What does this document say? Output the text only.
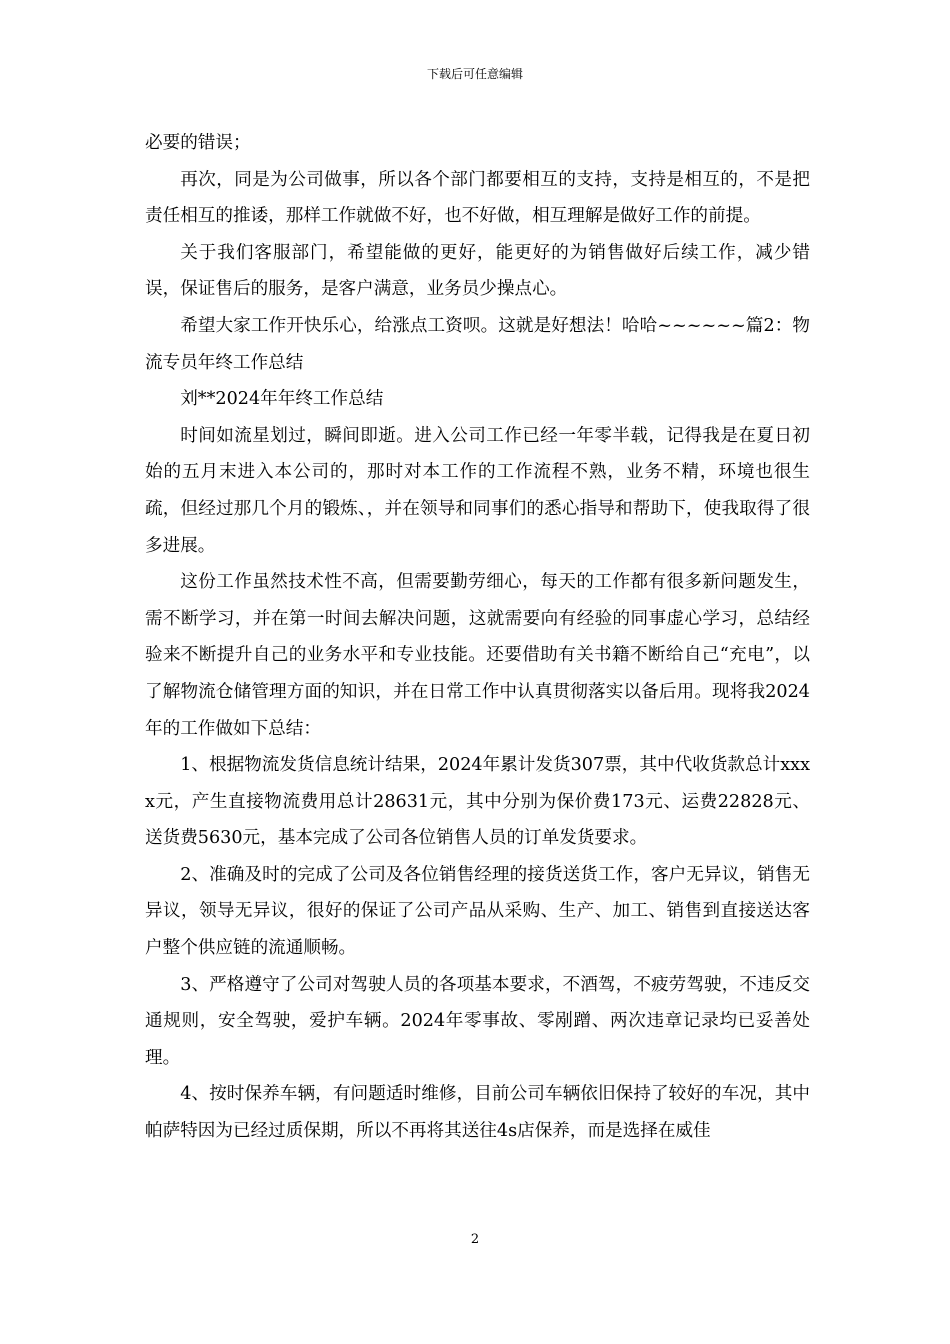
下载后可任意编辑

必要的错误；

再次，同是为公司做事，所以各个部门都要相互的支持，支持是相互的，不是把责任相互的推诿，那样工作就做不好，也不好做，相互理解是做好工作的前提。

关于我们客服部门，希望能做的更好，能更好的为销售做好后续工作，减少错误，保证售后的服务，是客户满意，业务员少操点心。

希望大家工作开快乐心，给涨点工资呗。这就是好想法！哈哈~~~~~~篇2：物流专员年终工作总结

刘**2024年年终工作总结

时间如流星划过，瞬间即逝。进入公司工作已经一年零半载，记得我是在夏日初始的五月末进入本公司的，那时对本工作的工作流程不熟，业务不精，环境也很生疏，但经过那几个月的锻炼、，并在领导和同事们的悉心指导和帮助下，使我取得了很多进展。

这份工作虽然技术性不高，但需要勤劳细心，每天的工作都有很多新问题发生，需不断学习，并在第一时间去解决问题，这就需要向有经验的同事虚心学习，总结经验来不断提升自己的业务水平和专业技能。还要借助有关书籍不断给自己“充电”，以了解物流仓储管理方面的知识，并在日常工作中认真贯彻落实以备后用。现将我2024年的工作做如下总结：

1、根据物流发货信息统计结果，2024年累计发货307票，其中代收货款总计xxxx元，产生直接物流费用总计28631元，其中分别为保价费173元、运费22828元、送货费5630元，基本完成了公司各位销售人员的订单发货要求。

2、准确及时的完成了公司及各位销售经理的接货送货工作，客户无异议，销售无异议，领导无异议，很好的保证了公司产品从采购、生产、加工、销售到直接送达客户整个供应链的流通顺畅。

3、严格遵守了公司对驾驶人员的各项基本要求，不酒驾，不疲劳驾驶，不违反交通规则，安全驾驶，爱护车辆。2024年零事故、零剐蹭、两次违章记录均已妥善处理。

4、按时保养车辆，有问题适时维修，目前公司车辆依旧保持了较好的车况，其中帕萨特因为已经过质保期，所以不再将其送往4s店保养，而是选择在威佳

2
